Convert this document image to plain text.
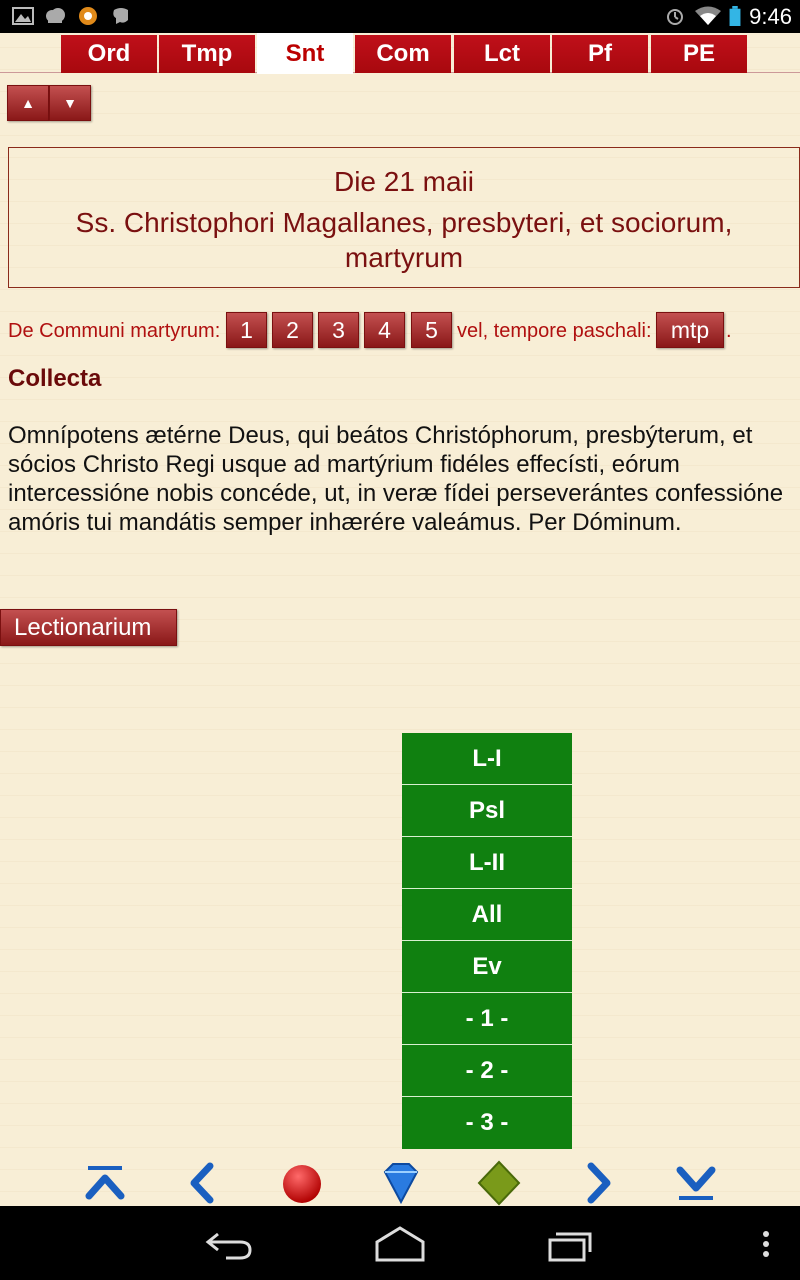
9:46
Ord	Tmp	Snt	Com	Lct	Pf	PE
▲	▼
Die 21 maii
Ss. Christophori Magallanes, presbyteri, et sociorum, martyrum
De Communi martyrum: 1	2	3	4	5 vel, tempore paschali: mtp .
Collecta
Omnípotens ætérne Deus, qui beátos Christóphorum, presbýterum, et sócios Christo Regi usque ad martýrium fidéles effecísti, eórum intercessióne nobis concéde, ut, in veræ fídei perseverántes confessióne amóris tui mandátis semper inhærére valeámus. Per Dóminum.
Lectionarium
L-I
Psl
L-II
All
Ev
- 1 -
- 2 -
- 3 -
